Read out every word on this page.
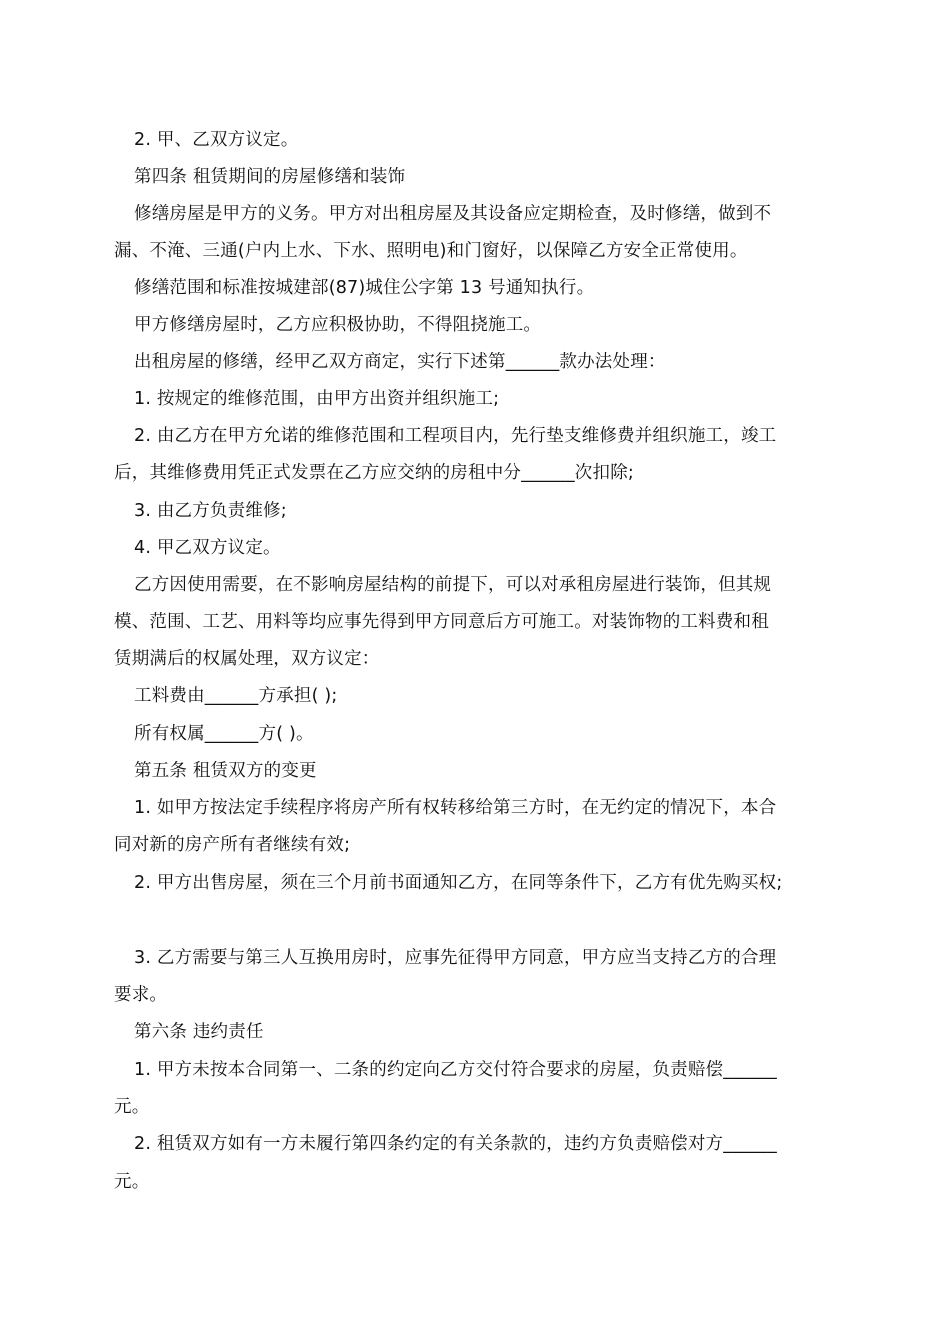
2. 甲、乙双方议定。
第四条 租赁期间的房屋修缮和装饰
修缮房屋是甲方的义务。甲方对出租房屋及其设备应定期检查，及时修缮，做到不
漏、不淹、三通(户内上水、下水、照明电)和门窗好，以保障乙方安全正常使用。
修缮范围和标准按城建部(87)城住公字第 13 号通知执行。
甲方修缮房屋时，乙方应积极协助，不得阻挠施工。
出租房屋的修缮，经甲乙双方商定，实行下述第______款办法处理：
1. 按规定的维修范围，由甲方出资并组织施工;
2. 由乙方在甲方允诺的维修范围和工程项目内，先行垫支维修费并组织施工，竣工
后，其维修费用凭正式发票在乙方应交纳的房租中分______次扣除;
3. 由乙方负责维修;
4. 甲乙双方议定。
乙方因使用需要，在不影响房屋结构的前提下，可以对承租房屋进行装饰，但其规
模、范围、工艺、用料等均应事先得到甲方同意后方可施工。对装饰物的工料费和租
赁期满后的权属处理，双方议定：
工料费由______方承担( );
所有权属______方( )。
第五条 租赁双方的变更
1. 如甲方按法定手续程序将房产所有权转移给第三方时，在无约定的情况下，本合
同对新的房产所有者继续有效;
2. 甲方出售房屋，须在三个月前书面通知乙方，在同等条件下，乙方有优先购买权;
3. 乙方需要与第三人互换用房时，应事先征得甲方同意，甲方应当支持乙方的合理
要求。
第六条 违约责任
1. 甲方未按本合同第一、二条的约定向乙方交付符合要求的房屋，负责赔偿______
元。
2. 租赁双方如有一方未履行第四条约定的有关条款的，违约方负责赔偿对方______
元。
